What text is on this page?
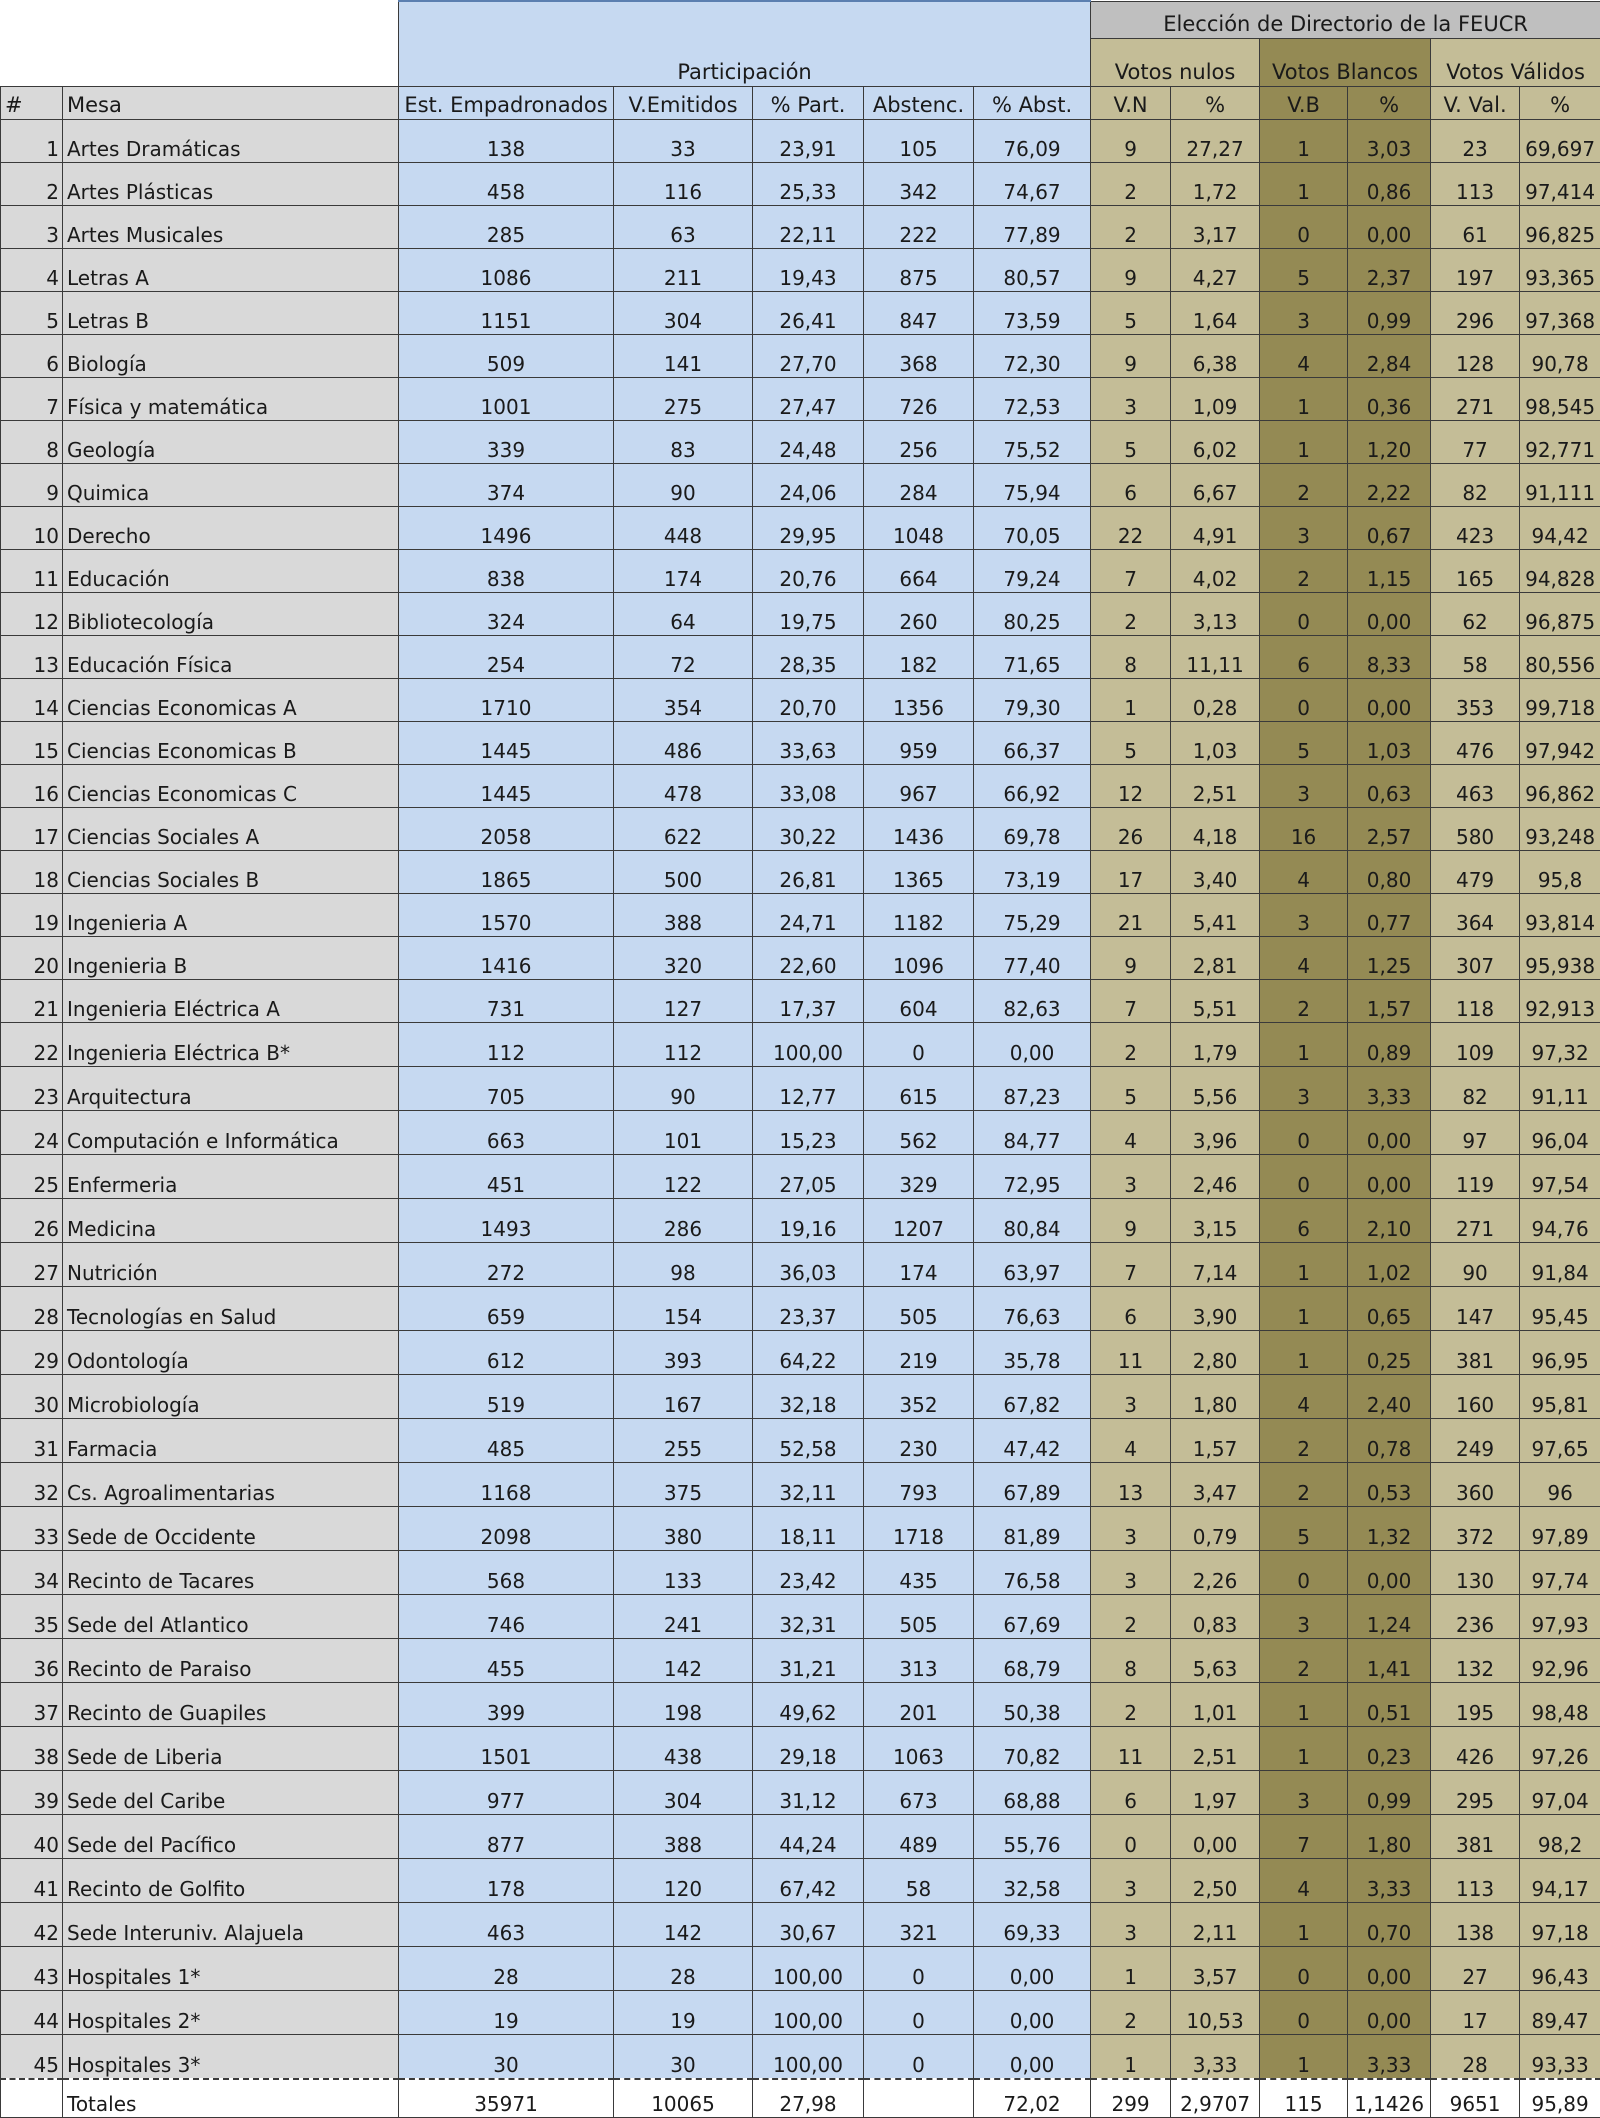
							Elección de Directorio de la FEUCR					
		Participación					Votos nulos		Votos Blancos		Votos Válidos	
#	Mesa	Est. Empadronados	V.Emitidos	% Part.	Abstenc.	% Abst.	V.N	%	V.B	%	V. Val.	%
1	Artes Dramáticas	138	33	23,91	105	76,09	9	27,27	1	3,03	23	69,697
2	Artes Plásticas	458	116	25,33	342	74,67	2	1,72	1	0,86	113	97,414
3	Artes Musicales	285	63	22,11	222	77,89	2	3,17	0	0,00	61	96,825
4	Letras A	1086	211	19,43	875	80,57	9	4,27	5	2,37	197	93,365
5	Letras B	1151	304	26,41	847	73,59	5	1,64	3	0,99	296	97,368
6	Biología	509	141	27,70	368	72,30	9	6,38	4	2,84	128	90,78
7	Física y matemática	1001	275	27,47	726	72,53	3	1,09	1	0,36	271	98,545
8	Geología	339	83	24,48	256	75,52	5	6,02	1	1,20	77	92,771
9	Quimica	374	90	24,06	284	75,94	6	6,67	2	2,22	82	91,111
10	Derecho	1496	448	29,95	1048	70,05	22	4,91	3	0,67	423	94,42
11	Educación	838	174	20,76	664	79,24	7	4,02	2	1,15	165	94,828
12	Bibliotecología	324	64	19,75	260	80,25	2	3,13	0	0,00	62	96,875
13	Educación Física	254	72	28,35	182	71,65	8	11,11	6	8,33	58	80,556
14	Ciencias Economicas A	1710	354	20,70	1356	79,30	1	0,28	0	0,00	353	99,718
15	Ciencias Economicas B	1445	486	33,63	959	66,37	5	1,03	5	1,03	476	97,942
16	Ciencias Economicas C	1445	478	33,08	967	66,92	12	2,51	3	0,63	463	96,862
17	Ciencias Sociales A	2058	622	30,22	1436	69,78	26	4,18	16	2,57	580	93,248
18	Ciencias Sociales B	1865	500	26,81	1365	73,19	17	3,40	4	0,80	479	95,8
19	Ingenieria A	1570	388	24,71	1182	75,29	21	5,41	3	0,77	364	93,814
20	Ingenieria B	1416	320	22,60	1096	77,40	9	2,81	4	1,25	307	95,938
21	Ingenieria Eléctrica A	731	127	17,37	604	82,63	7	5,51	2	1,57	118	92,913
22	Ingenieria Eléctrica B*	112	112	100,00	0	0,00	2	1,79	1	0,89	109	97,32
23	Arquitectura	705	90	12,77	615	87,23	5	5,56	3	3,33	82	91,11
24	Computación e Informática	663	101	15,23	562	84,77	4	3,96	0	0,00	97	96,04
25	Enfermeria	451	122	27,05	329	72,95	3	2,46	0	0,00	119	97,54
26	Medicina	1493	286	19,16	1207	80,84	9	3,15	6	2,10	271	94,76
27	Nutrición	272	98	36,03	174	63,97	7	7,14	1	1,02	90	91,84
28	Tecnologías en Salud	659	154	23,37	505	76,63	6	3,90	1	0,65	147	95,45
29	Odontología	612	393	64,22	219	35,78	11	2,80	1	0,25	381	96,95
30	Microbiología	519	167	32,18	352	67,82	3	1,80	4	2,40	160	95,81
31	Farmacia	485	255	52,58	230	47,42	4	1,57	2	0,78	249	97,65
32	Cs. Agroalimentarias	1168	375	32,11	793	67,89	13	3,47	2	0,53	360	96
33	Sede de Occidente	2098	380	18,11	1718	81,89	3	0,79	5	1,32	372	97,89
34	Recinto de Tacares	568	133	23,42	435	76,58	3	2,26	0	0,00	130	97,74
35	Sede del Atlantico	746	241	32,31	505	67,69	2	0,83	3	1,24	236	97,93
36	Recinto de Paraiso	455	142	31,21	313	68,79	8	5,63	2	1,41	132	92,96
37	Recinto de Guapiles	399	198	49,62	201	50,38	2	1,01	1	0,51	195	98,48
38	Sede de Liberia	1501	438	29,18	1063	70,82	11	2,51	1	0,23	426	97,26
39	Sede del Caribe	977	304	31,12	673	68,88	6	1,97	3	0,99	295	97,04
40	Sede del Pacífico	877	388	44,24	489	55,76	0	0,00	7	1,80	381	98,2
41	Recinto de Golfito	178	120	67,42	58	32,58	3	2,50	4	3,33	113	94,17
42	Sede Interuniv. Alajuela	463	142	30,67	321	69,33	3	2,11	1	0,70	138	97,18
43	Hospitales 1*	28	28	100,00	0	0,00	1	3,57	0	0,00	27	96,43
44	Hospitales 2*	19	19	100,00	0	0,00	2	10,53	0	0,00	17	89,47
45	Hospitales 3*	30	30	100,00	0	0,00	1	3,33	1	3,33	28	93,33
	Totales	35971	10065	27,98		72,02	299	2,9707	115	1,1426	9651	95,89
